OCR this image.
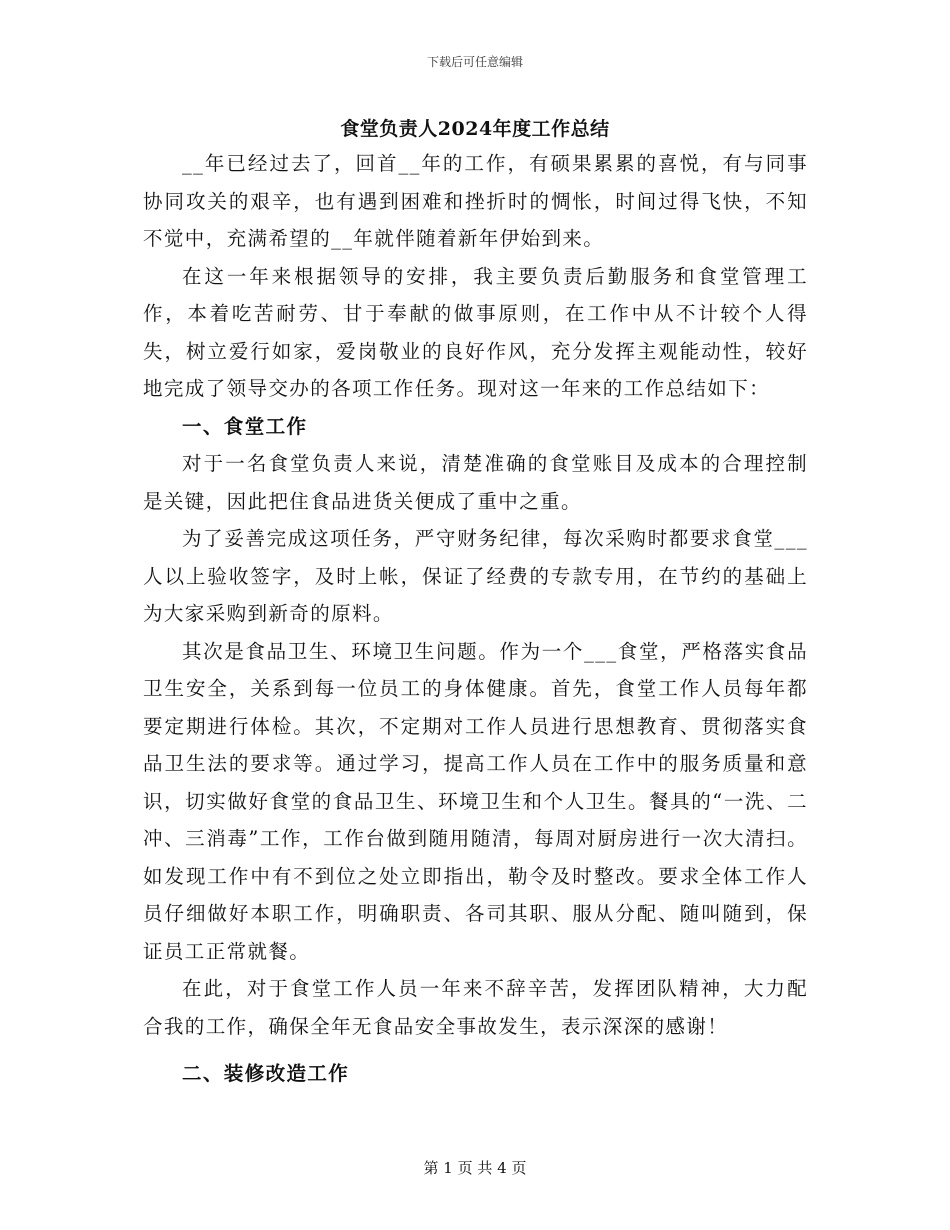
下载后可任意编辑
食堂负责人2024年度工作总结

__年已经过去了，回首__年的工作，有硕果累累的喜悦，有与同事协同攻关的艰辛，也有遇到困难和挫折时的惆怅，时间过得飞快，不知不觉中，充满希望的__年就伴随着新年伊始到来。

在这一年来根据领导的安排，我主要负责后勤服务和食堂管理工作，本着吃苦耐劳、甘于奉献的做事原则，在工作中从不计较个人得失，树立爱行如家，爱岗敬业的良好作风，充分发挥主观能动性，较好地完成了领导交办的各项工作任务。现对这一年来的工作总结如下：

一、食堂工作

对于一名食堂负责人来说，清楚准确的食堂账目及成本的合理控制是关键，因此把住食品进货关便成了重中之重。

为了妥善完成这项任务，严守财务纪律，每次采购时都要求食堂___人以上验收签字，及时上帐，保证了经费的专款专用，在节约的基础上为大家采购到新奇的原料。

其次是食品卫生、环境卫生问题。作为一个___食堂，严格落实食品卫生安全，关系到每一位员工的身体健康。首先，食堂工作人员每年都要定期进行体检。其次，不定期对工作人员进行思想教育、贯彻落实食品卫生法的要求等。通过学习，提高工作人员在工作中的服务质量和意识，切实做好食堂的食品卫生、环境卫生和个人卫生。餐具的“一洗、二冲、三消毒”工作，工作台做到随用随清，每周对厨房进行一次大清扫。如发现工作中有不到位之处立即指出，勒令及时整改。要求全体工作人员仔细做好本职工作，明确职责、各司其职、服从分配、随叫随到，保证员工正常就餐。

在此，对于食堂工作人员一年来不辞辛苦，发挥团队精神，大力配合我的工作，确保全年无食品安全事故发生，表示深深的感谢！

二、装修改造工作
第 1 页 共 4 页
